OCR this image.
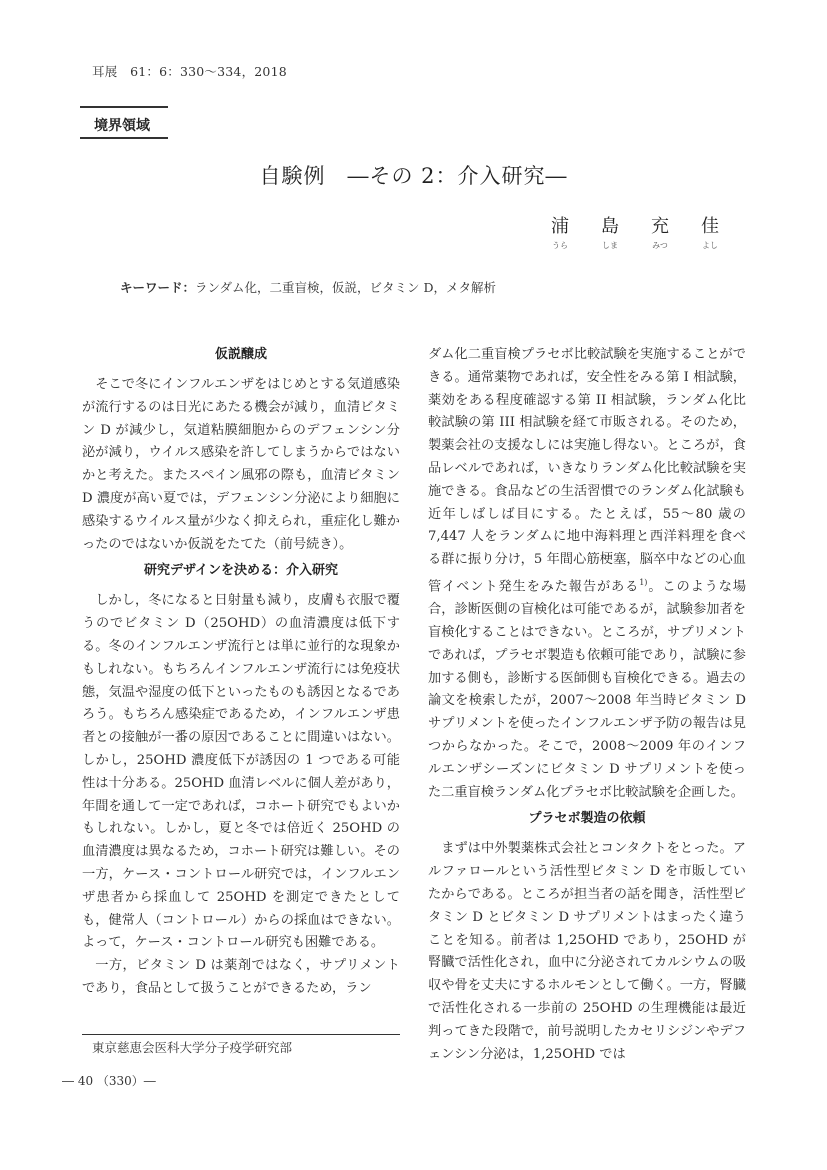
耳展　61：6：330～334，2018
境界領域
自験例　―その 2：介入研究―
浦	島	充	佳
うら	しま	みつ	よし
キーワード：ランダム化，二重盲検，仮説，ビタミン D，メタ解析
仮説醸成

そこで冬にインフルエンザをはじめとする気道感染が流行するのは日光にあたる機会が減り，血清ビタミン D が減少し，気道粘膜細胞からのデフェンシン分泌が減り，ウイルス感染を許してしまうからではないかと考えた。またスペイン風邪の際も，血清ビタミン D 濃度が高い夏では，デフェンシン分泌により細胞に感染するウイルス量が少なく抑えられ，重症化し難かったのではないか仮説をたてた（前号続き）。

研究デザインを決める：介入研究

しかし，冬になると日射量も減り，皮膚も衣服で覆うのでビタミン D（25OHD）の血清濃度は低下する。冬のインフルエンザ流行とは単に並行的な現象かもしれない。もちろんインフルエンザ流行には免疫状態，気温や湿度の低下といったものも誘因となるであろう。もちろん感染症であるため，インフルエンザ患者との接触が一番の原因であることに間違いはない。しかし，25OHD 濃度低下が誘因の 1 つである可能性は十分ある。25OHD 血清レベルに個人差があり，年間を通して一定であれば，コホート研究でもよいかもしれない。しかし，夏と冬では倍近く 25OHD の血清濃度は異なるため，コホート研究は難しい。その一方，ケース・コントロール研究では，インフルエンザ患者から採血して 25OHD を測定できたとしても，健常人（コントロール）からの採血はできない。よって，ケース・コントロール研究も困難である。

一方，ビタミン D は薬剤ではなく，サプリメントであり，食品として扱うことができるため，ラン

ダム化二重盲検プラセボ比較試験を実施することができる。通常薬物であれば，安全性をみる第 I 相試験，薬効をある程度確認する第 II 相試験，ランダム化比較試験の第 III 相試験を経て市販される。そのため，製薬会社の支援なしには実施し得ない。ところが，食品レベルであれば，いきなりランダム化比較試験を実施できる。食品などの生活習慣でのランダム化試験も近年しばしば目にする。たとえば，55～80 歳の 7,447 人をランダムに地中海料理と西洋料理を食べる群に振り分け，5 年間心筋梗塞，脳卒中などの心血管イベント発生をみた報告がある$^{1)}$。このような場合，診断医側の盲検化は可能であるが，試験参加者を盲検化することはできない。ところが，サプリメントであれば，プラセボ製造も依頼可能であり，試験に参加する側も，診断する医師側も盲検化できる。過去の論文を検索したが，2007～2008 年当時ビタミン D サプリメントを使ったインフルエンザ予防の報告は見つからなかった。そこで，2008～2009 年のインフルエンザシーズンにビタミン D サプリメントを使った二重盲検ランダム化プラセボ比較試験を企画した。

プラセボ製造の依頼

まずは中外製薬株式会社とコンタクトをとった。アルファロールという活性型ビタミン D を市販していたからである。ところが担当者の話を聞き，活性型ビタミン D とビタミン D サプリメントはまったく違うことを知る。前者は 1,25OHD であり，25OHD が腎臓で活性化され，血中に分泌されてカルシウムの吸収や骨を丈夫にするホルモンとして働く。一方，腎臓で活性化される一歩前の 25OHD の生理機能は最近判ってきた段階で，前号説明したカセリシジンやデフェンシン分泌は，1,25OHD では

東京慈恵会医科大学分子疫学研究部
― 40 （330）―
